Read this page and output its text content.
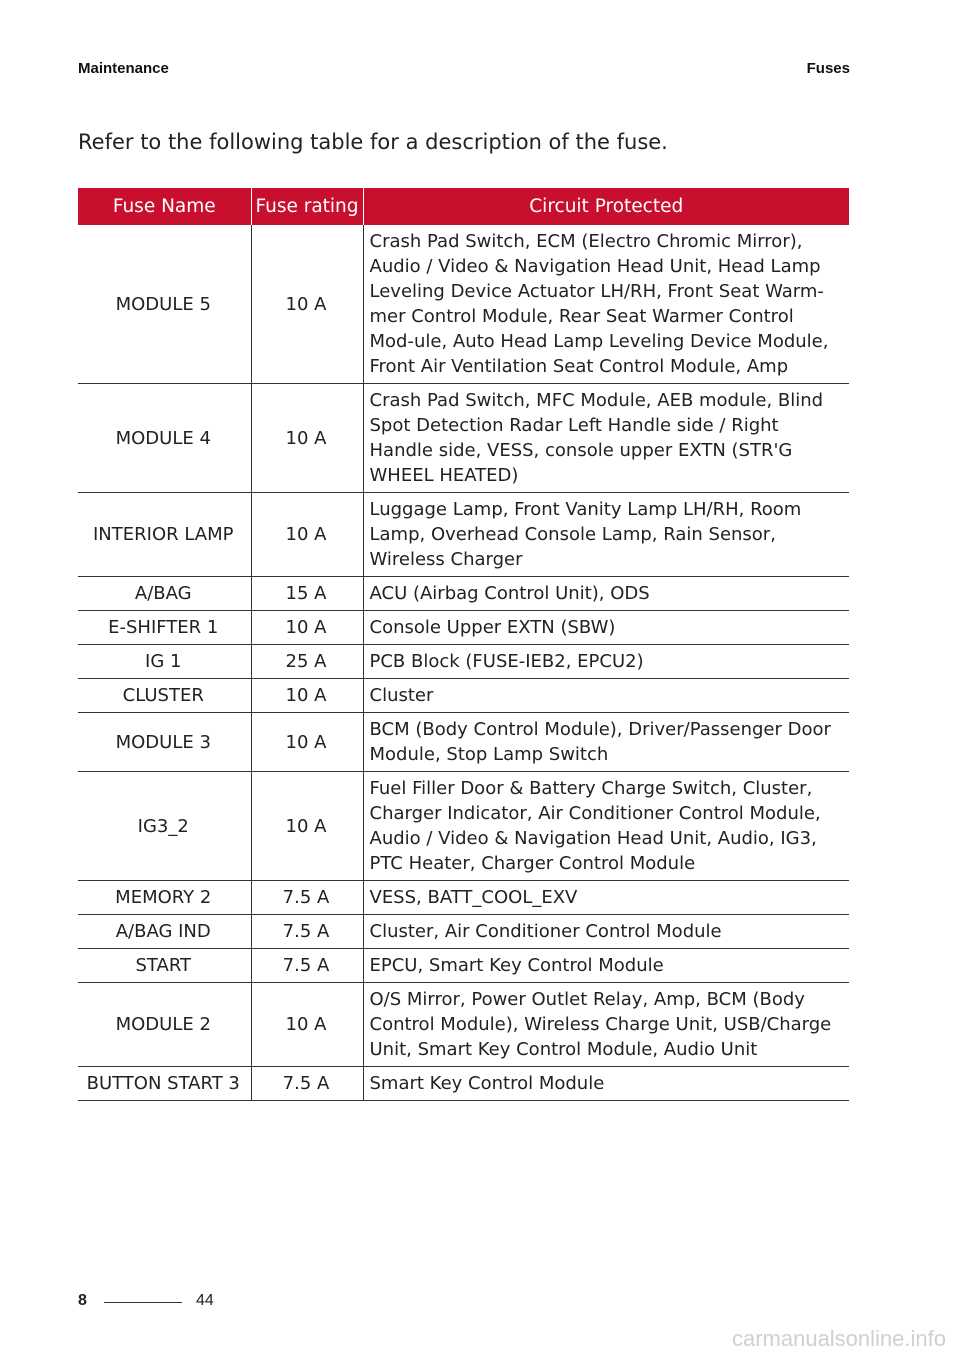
Maintenance	Fuses
Refer to the following table for a description of the fuse.
Fuse Name	Fuse rating	Circuit Protected
MODULE 5	10 A	Crash Pad Switch, ECM (Electro Chromic Mirror), Audio / Video & Navigation Head Unit, Head Lamp Leveling Device Actuator LH/RH, Front Seat Warm-mer Control Module, Rear Seat Warmer Control Mod-ule, Auto Head Lamp Leveling Device Module, Front Air Ventilation Seat Control Module, Amp
MODULE 4	10 A	Crash Pad Switch, MFC Module, AEB module, Blind Spot Detection Radar Left Handle side / Right Handle side, VESS, console upper EXTN (STR'G WHEEL HEATED)
INTERIOR LAMP	10 A	Luggage Lamp, Front Vanity Lamp LH/RH, Room Lamp, Overhead Console Lamp, Rain Sensor, Wireless Charger
A/BAG	15 A	ACU (Airbag Control Unit), ODS
E-SHIFTER 1	10 A	Console Upper EXTN (SBW)
IG 1	25 A	PCB Block (FUSE-IEB2, EPCU2)
CLUSTER	10 A	Cluster
MODULE 3	10 A	BCM (Body Control Module), Driver/Passenger Door Module, Stop Lamp Switch
IG3_2	10 A	Fuel Filler Door & Battery Charge Switch, Cluster, Charger Indicator, Air Conditioner Control Module, Audio / Video & Navigation Head Unit, Audio, IG3, PTC Heater, Charger Control Module
MEMORY 2	7.5 A	VESS, BATT_COOL_EXV
A/BAG IND	7.5 A	Cluster, Air Conditioner Control Module
START	7.5 A	EPCU, Smart Key Control Module
MODULE 2	10 A	O/S Mirror, Power Outlet Relay, Amp, BCM (Body Control Module), Wireless Charge Unit, USB/Charge Unit, Smart Key Control Module, Audio Unit
BUTTON START 3	7.5 A	Smart Key Control Module
8	44
carmanualsonline.info
